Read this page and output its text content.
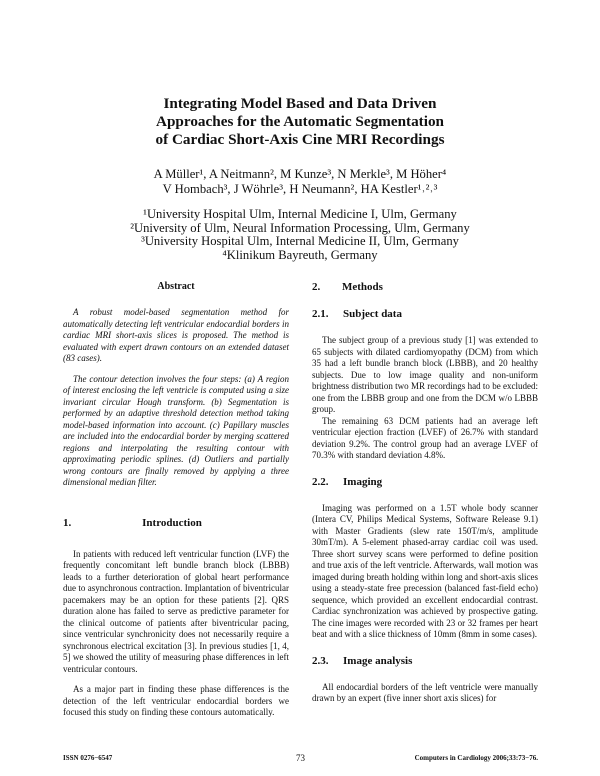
Integrating Model Based and Data Driven
Approaches for the Automatic Segmentation
of Cardiac Short-Axis Cine MRI Recordings
A Müller¹, A Neitmann², M Kunze³, N Merkle³, M Höher⁴
V Hombach³, J Wöhrle³, H Neumann², HA Kestler¹˒²˒³
¹University Hospital Ulm, Internal Medicine I, Ulm, Germany
²University of Ulm, Neural Information Processing, Ulm, Germany
³University Hospital Ulm, Internal Medicine II, Ulm, Germany
⁴Klinikum Bayreuth, Germany
Abstract

A robust model-based segmentation method for automatically detecting left ventricular endocardial borders in cardiac MRI short-axis slices is proposed. The method is evaluated with expert drawn contours on an extended dataset (83 cases).

The contour detection involves the four steps: (a) A region of interest enclosing the left ventricle is computed using a size invariant circular Hough transform. (b) Segmentation is performed by an adaptive threshold detection method taking model-based information into account. (c) Papillary muscles are included into the endocardial border by merging scattered regions and interpolating the resulting contour with approximating periodic splines. (d) Outliers and partially wrong contours are finally removed by applying a three dimensional median filter.

1.	Introduction

In patients with reduced left ventricular function (LVF) the frequently concomitant left bundle branch block (LBBB) leads to a further deterioration of global heart performance due to asynchronous contraction. Implantation of biventricular pacemakers may be an option for these patients [2]. QRS duration alone has failed to serve as predictive parameter for the clinical outcome of patients after biventricular pacing, since ventricular synchronicity does not necessarily require a synchronous electrical excitation [3]. In previous studies [1, 4, 5] we showed the utility of measuring phase differences in left ventricular contours.

As a major part in finding these phase differences is the detection of the left ventricular endocardial borders we focused this study on finding these contours automatically.

2. Methods
2.1. Subject data

The subject group of a previous study [1] was extended to 65 subjects with dilated cardiomyopathy (DCM) from which 35 had a left bundle branch block (LBBB), and 20 healthy subjects. Due to low image quality and non-uniform brightness distribution two MR recordings had to be excluded: one from the LBBB group and one from the DCM w/o LBBB group.

The remaining 63 DCM patients had an average left ventricular ejection fraction (LVEF) of 26.7% with standard deviation 9.2%. The control group had an average LVEF of 70.3% with standard deviation 4.8%.

2.2. Imaging

Imaging was performed on a 1.5T whole body scanner (Intera CV, Philips Medical Systems, Software Release 9.1) with Master Gradients (slew rate 150T/m/s, amplitude 30mT/m). A 5-element phased-array cardiac coil was used. Three short survey scans were performed to define position and true axis of the left ventricle. Afterwards, wall motion was imaged during breath holding within long and short-axis slices using a steady-state free precession (balanced fast-field echo) sequence, which provided an excellent endocardial contrast. Cardiac synchronization was achieved by prospective gating. The cine images were recorded with 23 or 32 frames per heart beat and with a slice thickness of 10mm (8mm in some cases).

2.3. Image analysis

All endocardial borders of the left ventricle were manually drawn by an expert (five inner short axis slices) for

ISSN 0276−6547	73	Computers in Cardiology 2006;33:73−76.
